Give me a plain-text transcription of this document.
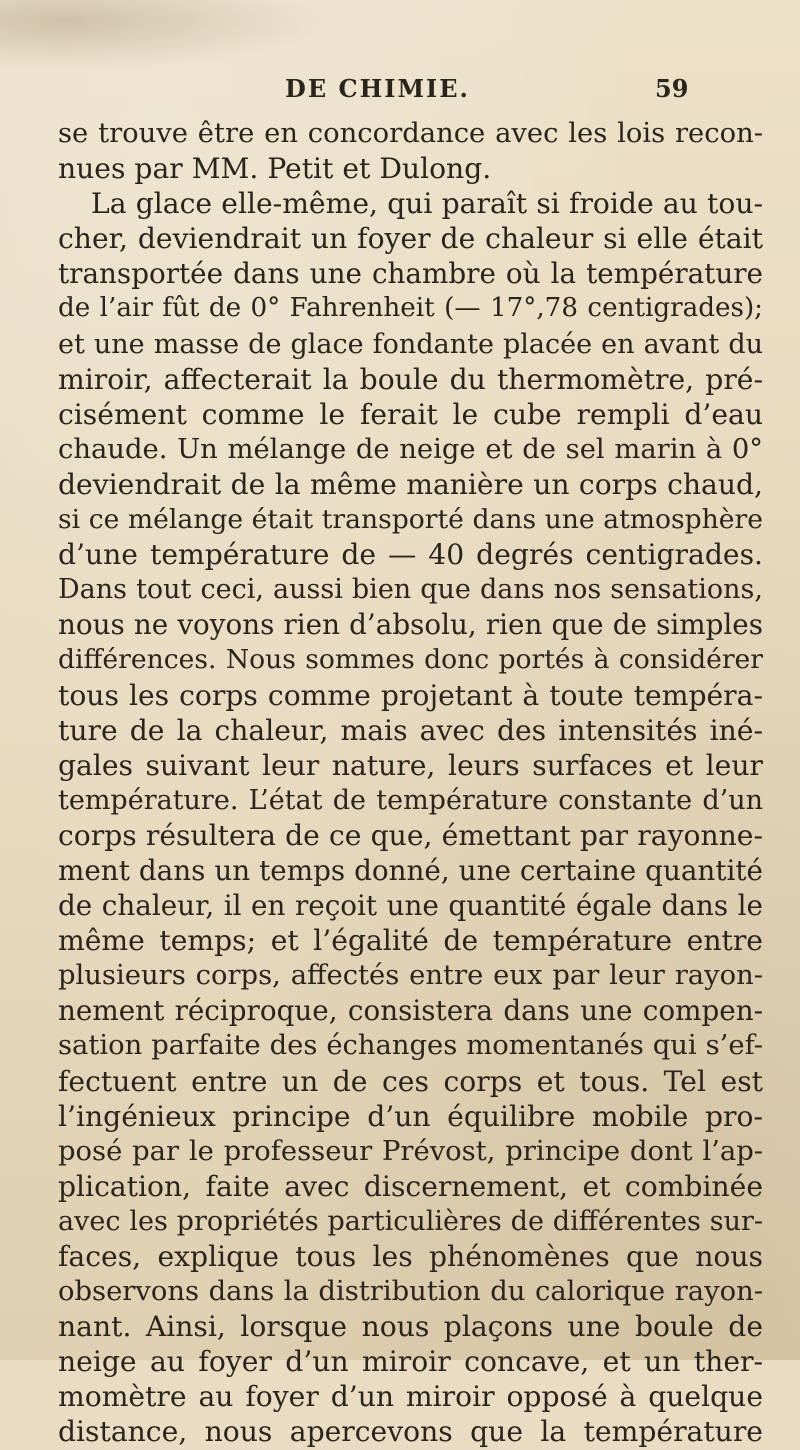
DE CHIMIE.	59
se trouve être en concordance avec les lois recon-
nues par MM. Petit et Dulong.
La glace elle-même, qui paraît si froide au tou-
cher, deviendrait un foyer de chaleur si elle était
transportée dans une chambre où la température
de l’air fût de 0° Fahrenheit (— 17°,78 centigrades);
et une masse de glace fondante placée en avant du
miroir, affecterait la boule du thermomètre, pré-
cisément comme le ferait le cube rempli d’eau
chaude. Un mélange de neige et de sel marin à 0°
deviendrait de la même manière un corps chaud,
si ce mélange était transporté dans une atmosphère
d’une température de — 40 degrés centigrades.
Dans tout ceci, aussi bien que dans nos sensations,
nous ne voyons rien d’absolu, rien que de simples
différences. Nous sommes donc portés à considérer
tous les corps comme projetant à toute tempéra-
ture de la chaleur, mais avec des intensités iné-
gales suivant leur nature, leurs surfaces et leur
température. L’état de température constante d’un
corps résultera de ce que, émettant par rayonne-
ment dans un temps donné, une certaine quantité
de chaleur, il en reçoit une quantité égale dans le
même temps; et l’égalité de température entre
plusieurs corps, affectés entre eux par leur rayon-
nement réciproque, consistera dans une compen-
sation parfaite des échanges momentanés qui s’ef-
fectuent entre un de ces corps et tous. Tel est
l’ingénieux principe d’un équilibre mobile pro-
posé par le professeur Prévost, principe dont l’ap-
plication, faite avec discernement, et combinée
avec les propriétés particulières de différentes sur-
faces, explique tous les phénomènes que nous
observons dans la distribution du calorique rayon-
nant. Ainsi, lorsque nous plaçons une boule de
neige au foyer d’un miroir concave, et un ther-
momètre au foyer d’un miroir opposé à quelque
distance, nous apercevons que la température
